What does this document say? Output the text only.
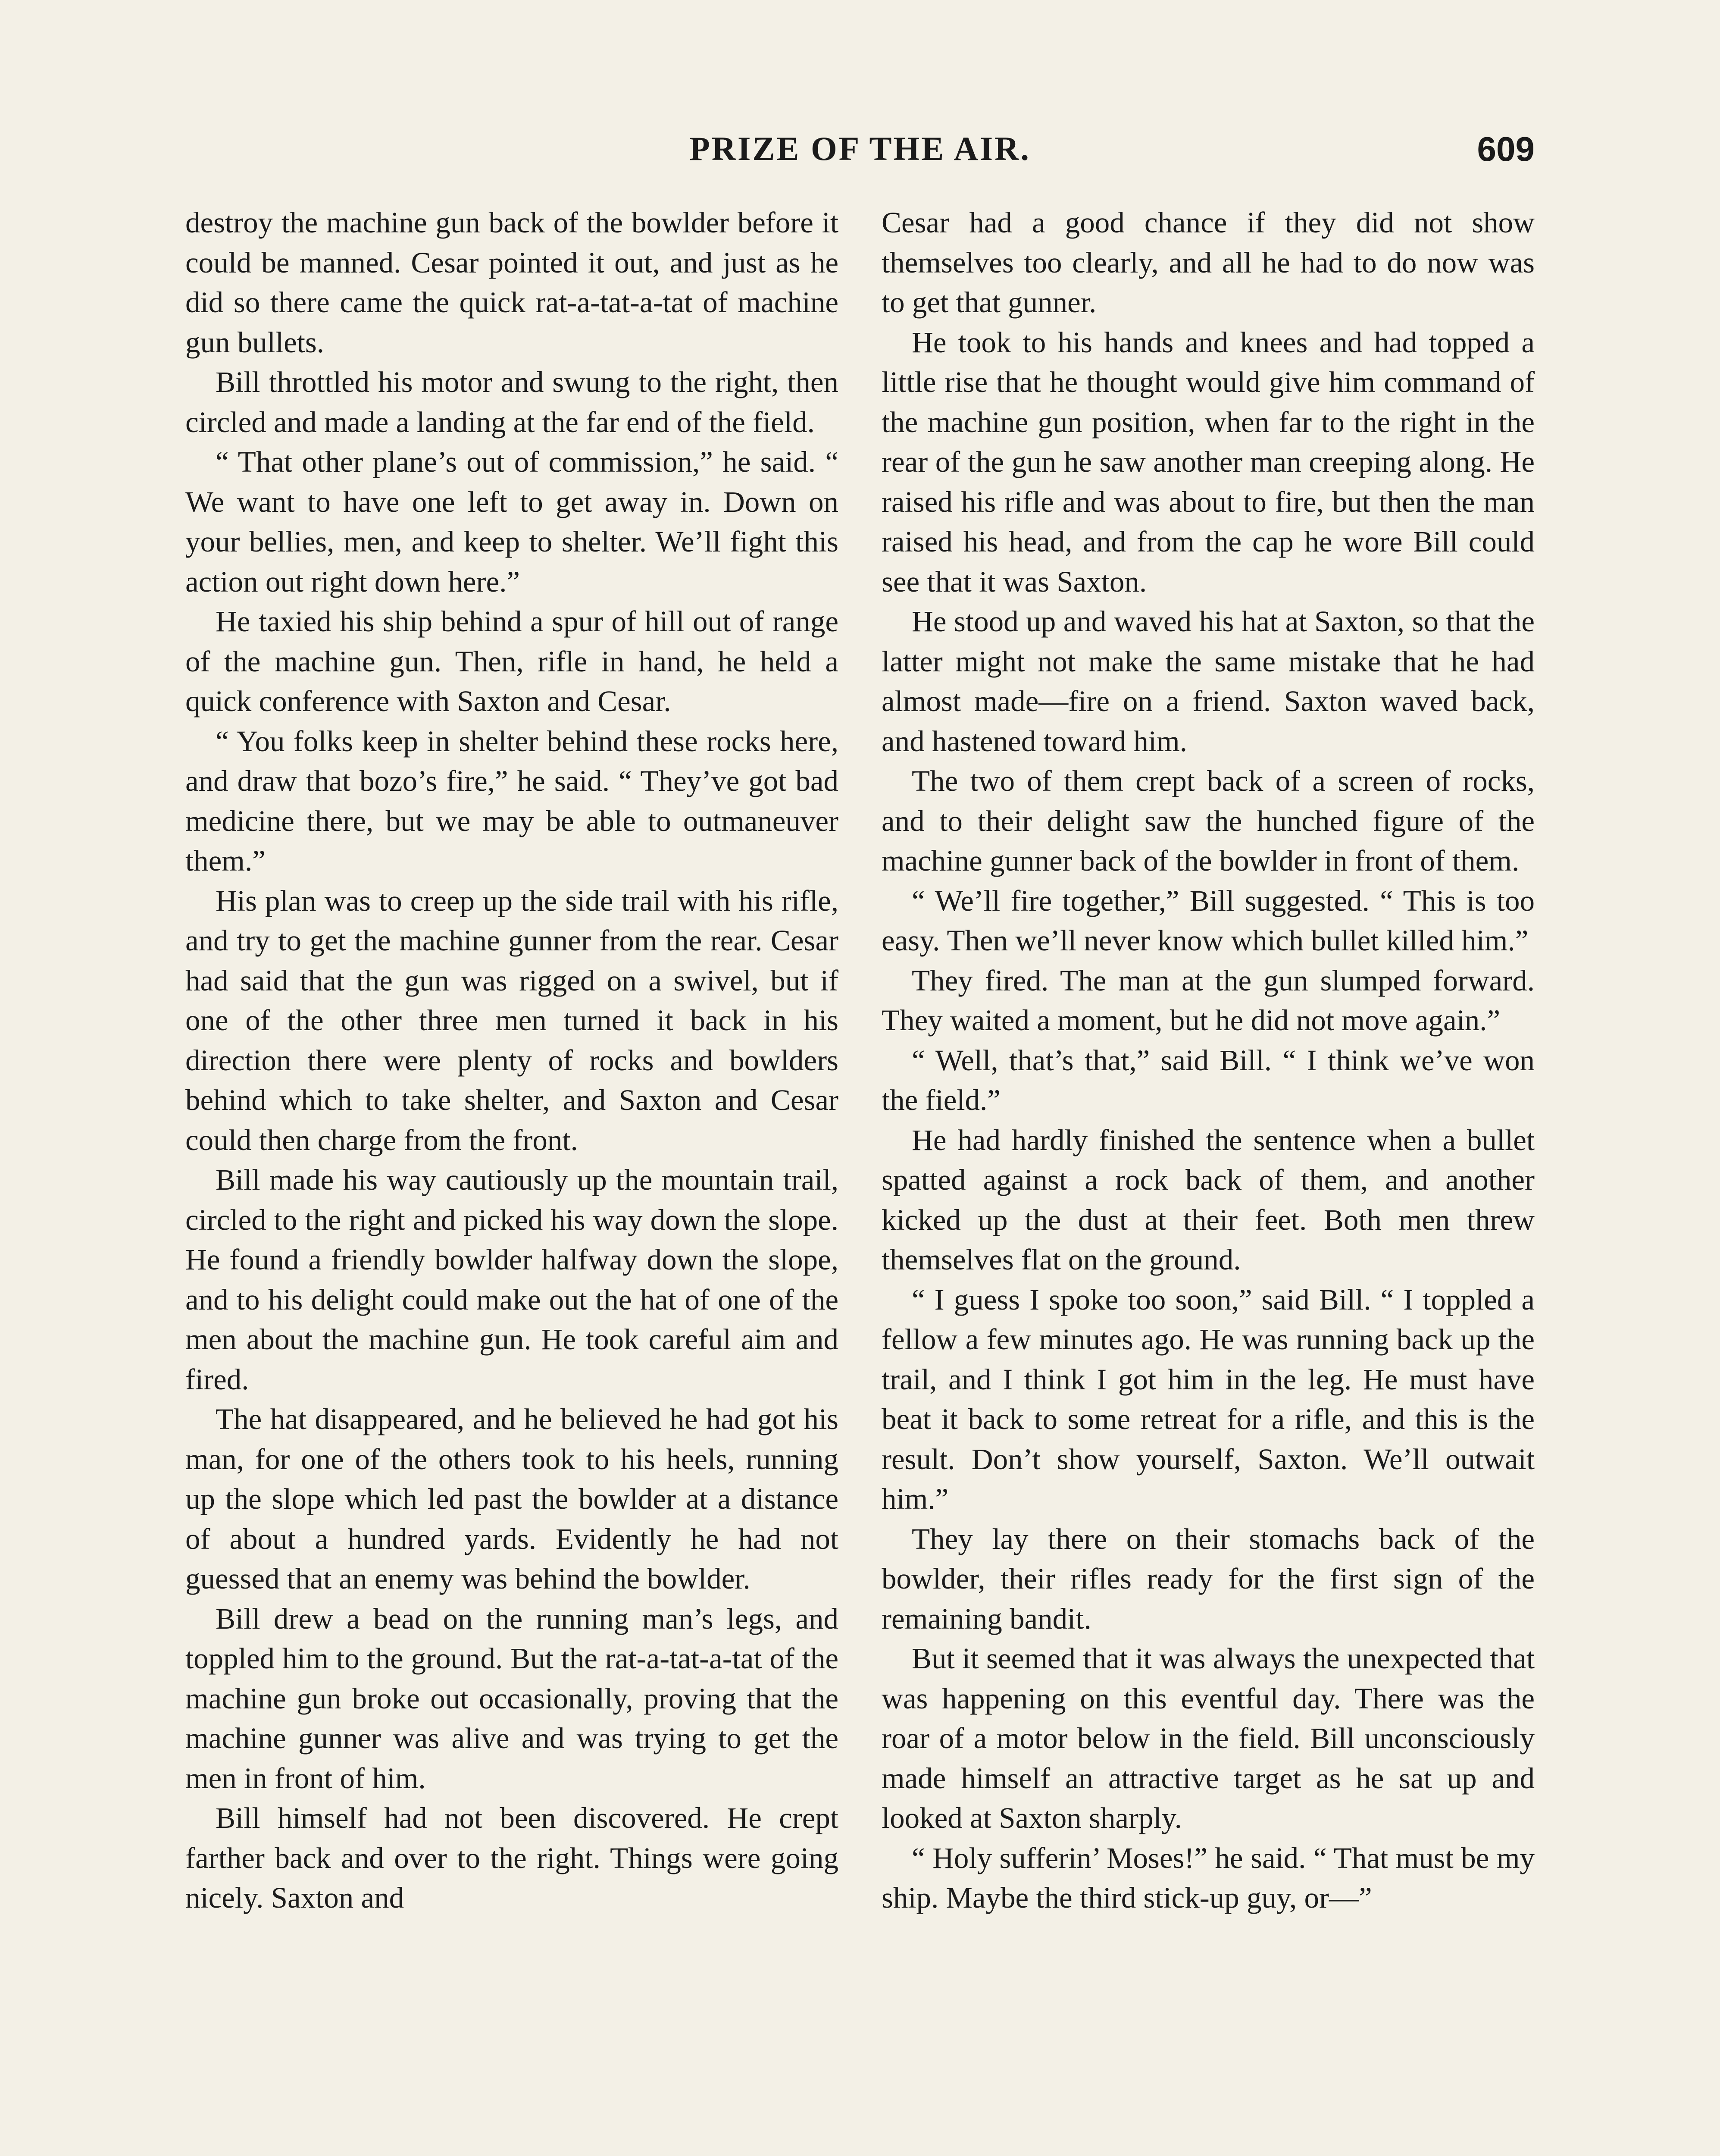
PRIZE OF THE AIR.	609

destroy the machine gun back of the bowlder before it could be manned. Cesar pointed it out, and just as he did so there came the quick rat-a-tat-a-tat of machine gun bullets.

Bill throttled his motor and swung to the right, then circled and made a landing at the far end of the field.

“ That other plane’s out of commission,” he said. “ We want to have one left to get away in. Down on your bellies, men, and keep to shelter. We’ll fight this action out right down here.”

He taxied his ship behind a spur of hill out of range of the machine gun. Then, rifle in hand, he held a quick conference with Saxton and Cesar.

“ You folks keep in shelter behind these rocks here, and draw that bozo’s fire,” he said. “ They’ve got bad medicine there, but we may be able to outmaneuver them.”

His plan was to creep up the side trail with his rifle, and try to get the machine gunner from the rear. Cesar had said that the gun was rigged on a swivel, but if one of the other three men turned it back in his direction there were plenty of rocks and bowlders behind which to take shelter, and Saxton and Cesar could then charge from the front.

Bill made his way cautiously up the mountain trail, circled to the right and picked his way down the slope. He found a friendly bowlder halfway down the slope, and to his delight could make out the hat of one of the men about the machine gun. He took careful aim and fired.

The hat disappeared, and he believed he had got his man, for one of the others took to his heels, running up the slope which led past the bowlder at a distance of about a hundred yards. Evidently he had not guessed that an enemy was behind the bowlder.

Bill drew a bead on the running man’s legs, and toppled him to the ground. But the rat-a-tat-a-tat of the machine gun broke out occasionally, proving that the machine gunner was alive and was trying to get the men in front of him.

Bill himself had not been discovered. He crept farther back and over to the right. Things were going nicely. Saxton and

Cesar had a good chance if they did not show themselves too clearly, and all he had to do now was to get that gunner.

He took to his hands and knees and had topped a little rise that he thought would give him command of the machine gun position, when far to the right in the rear of the gun he saw another man creeping along. He raised his rifle and was about to fire, but then the man raised his head, and from the cap he wore Bill could see that it was Saxton.

He stood up and waved his hat at Saxton, so that the latter might not make the same mistake that he had almost made—fire on a friend. Saxton waved back, and hastened toward him.

The two of them crept back of a screen of rocks, and to their delight saw the hunched figure of the machine gunner back of the bowlder in front of them.

“ We’ll fire together,” Bill suggested. “ This is too easy. Then we’ll never know which bullet killed him.”

They fired. The man at the gun slumped forward. They waited a moment, but he did not move again.”

“ Well, that’s that,” said Bill. “ I think we’ve won the field.”

He had hardly finished the sentence when a bullet spatted against a rock back of them, and another kicked up the dust at their feet. Both men threw themselves flat on the ground.

“ I guess I spoke too soon,” said Bill. “ I toppled a fellow a few minutes ago. He was running back up the trail, and I think I got him in the leg. He must have beat it back to some retreat for a rifle, and this is the result. Don’t show yourself, Saxton. We’ll outwait him.”

They lay there on their stomachs back of the bowlder, their rifles ready for the first sign of the remaining bandit.

But it seemed that it was always the unexpected that was happening on this eventful day. There was the roar of a motor below in the field. Bill unconsciously made himself an attractive target as he sat up and looked at Saxton sharply.

“ Holy sufferin’ Moses!” he said. “ That must be my ship. Maybe the third stick-up guy, or—”
